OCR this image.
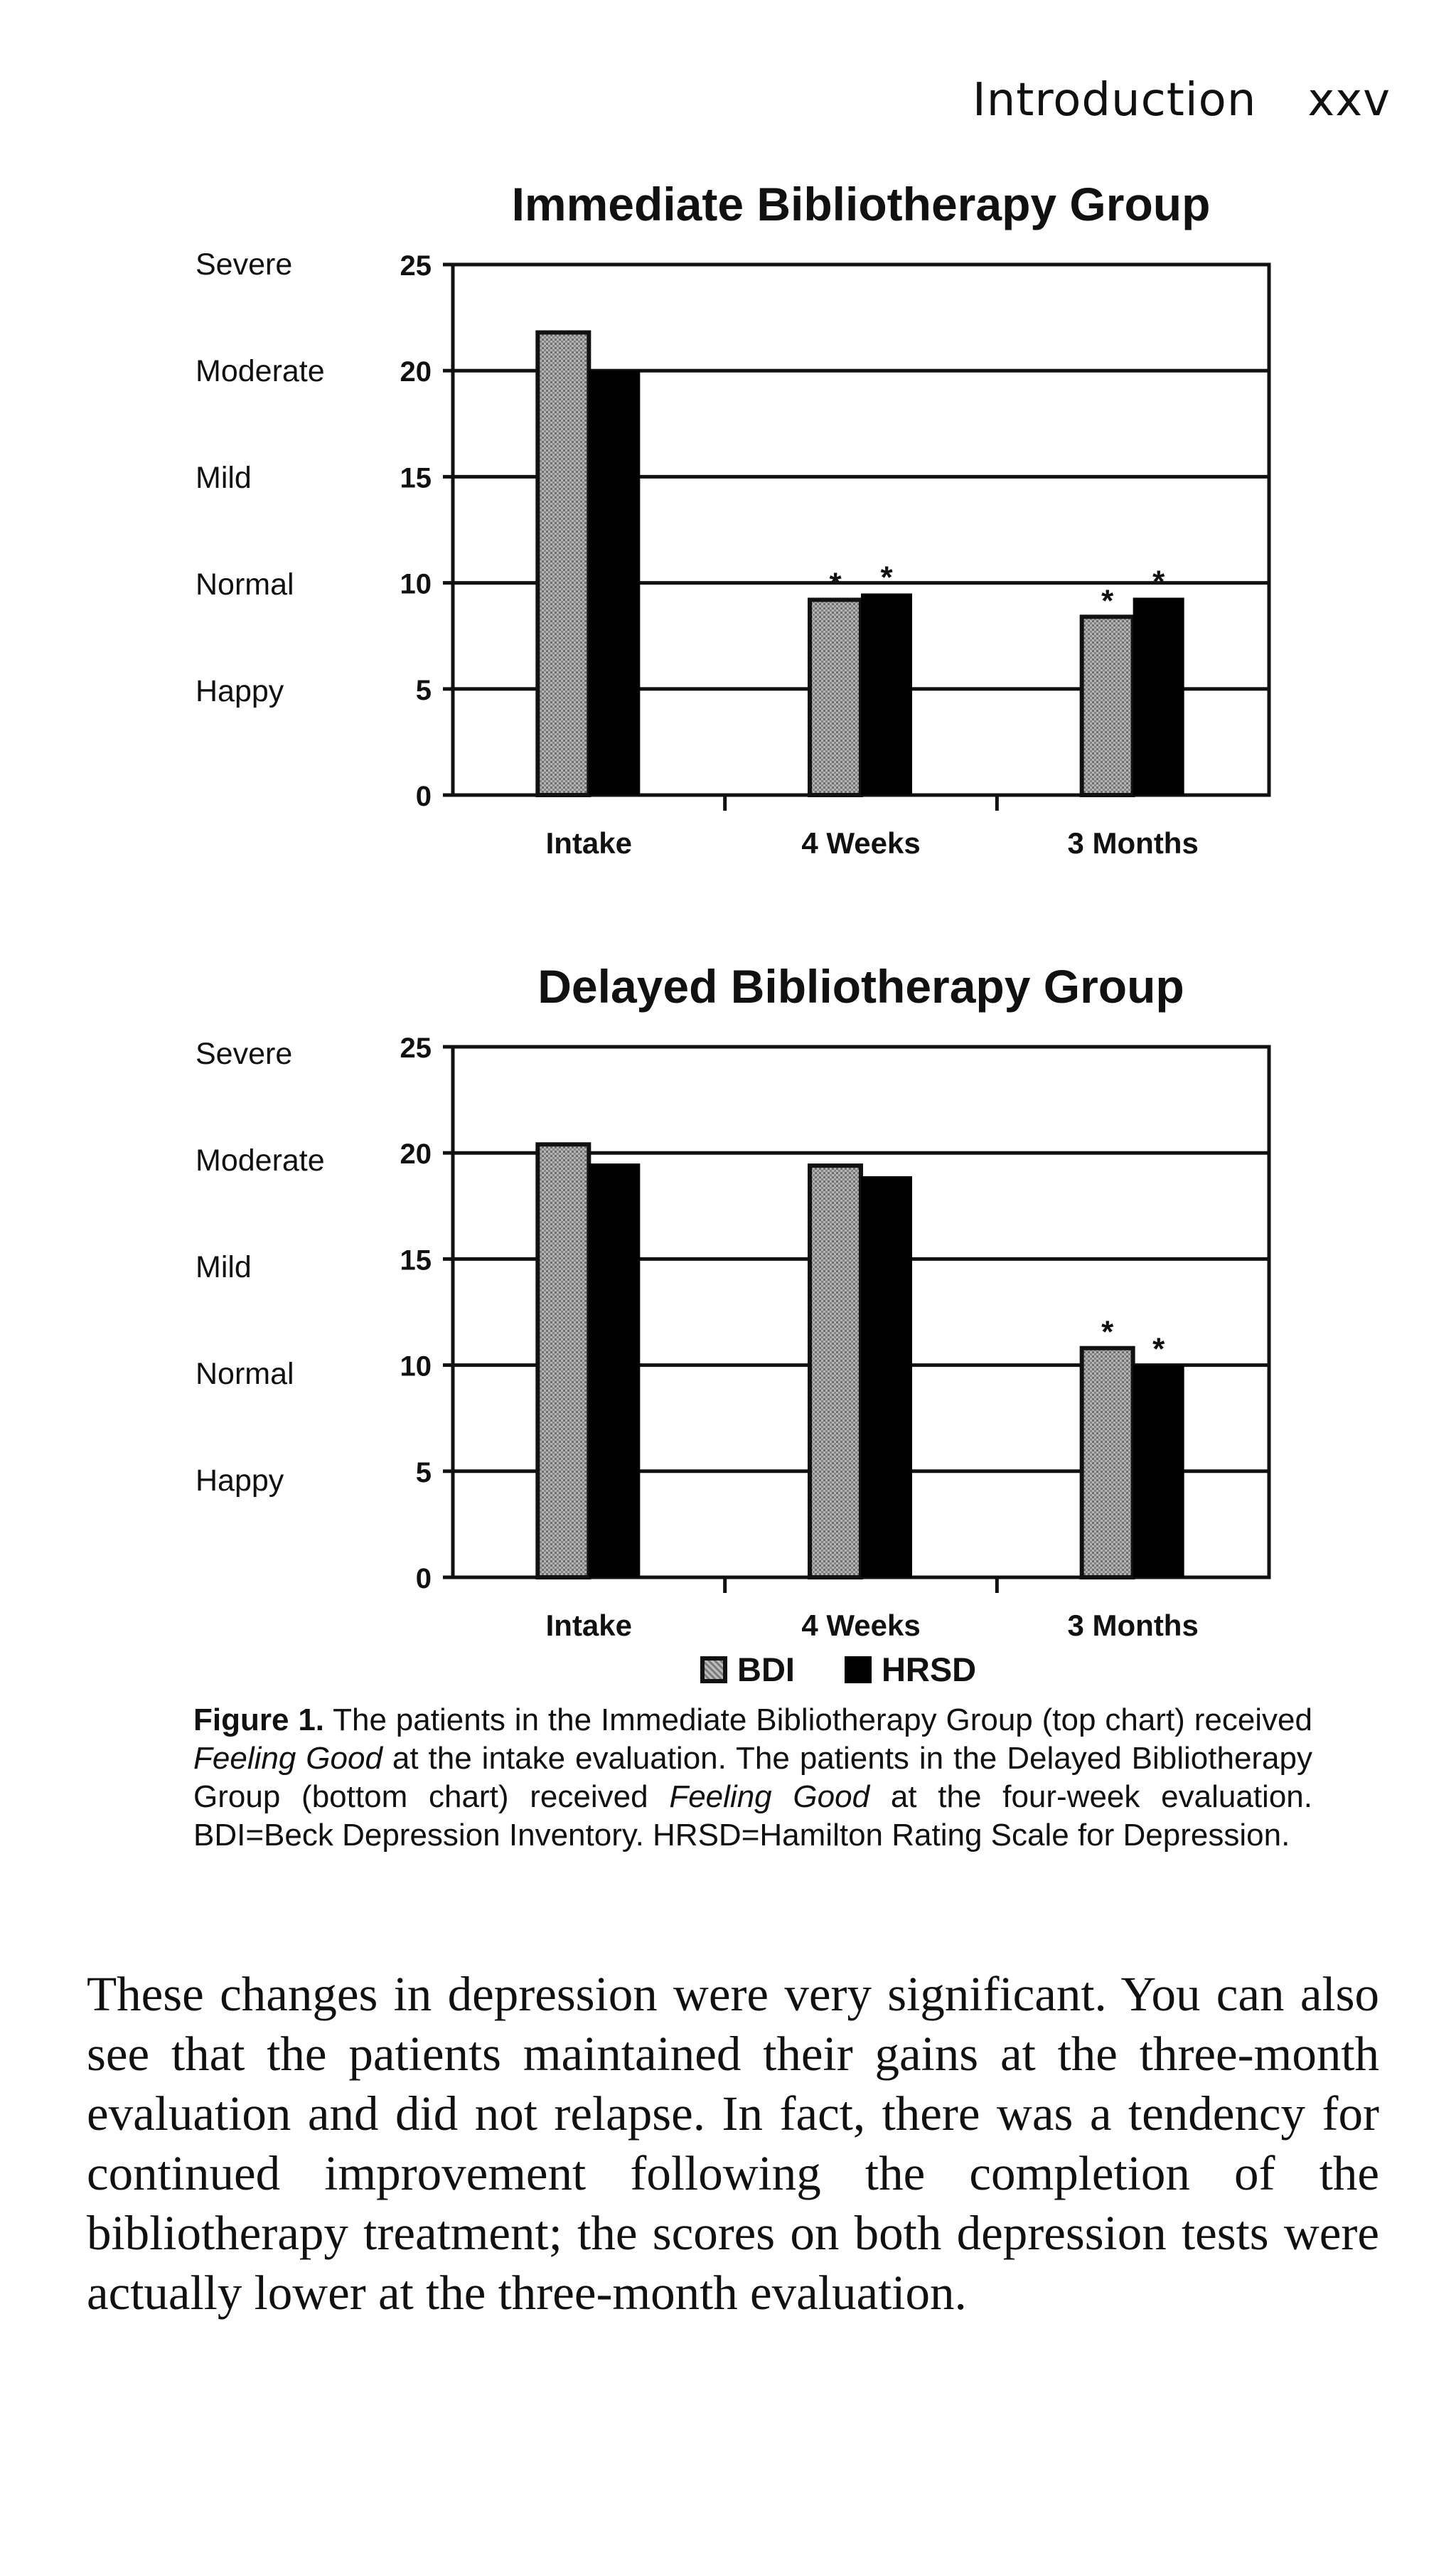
Introduction xxv
Severe
Moderate
Mild
Normal
Happy
Immediate Bibliotherapy Group
0
5
10
15
20
25
Intake
* *
4 Weeks
*
*
3 Months
Severe
Moderate
Mild
Normal
Happy
Delayed Bibliotherapy Group
0
5
10
15
20
25
Intake	4 Weeks
* *
3 Months
BDI	HRSD
Figure 1. The patients in the Immediate Bibliotherapy Group (top chart) received Feeling Good at the intake evaluation. The patients in the Delayed Bibliotherapy Group (bottom chart) received Feeling Good at the four-week evaluation. BDI=Beck Depression Inventory. HRSD=Hamilton Rating Scale for Depression.
These changes in depression were very significant. You can also see that the patients maintained their gains at the three-month evaluation and did not relapse. In fact, there was a tendency for continued improvement following the completion of the bibliotherapy treatment; the scores on both depression tests were actually lower at the three-month evaluation.
